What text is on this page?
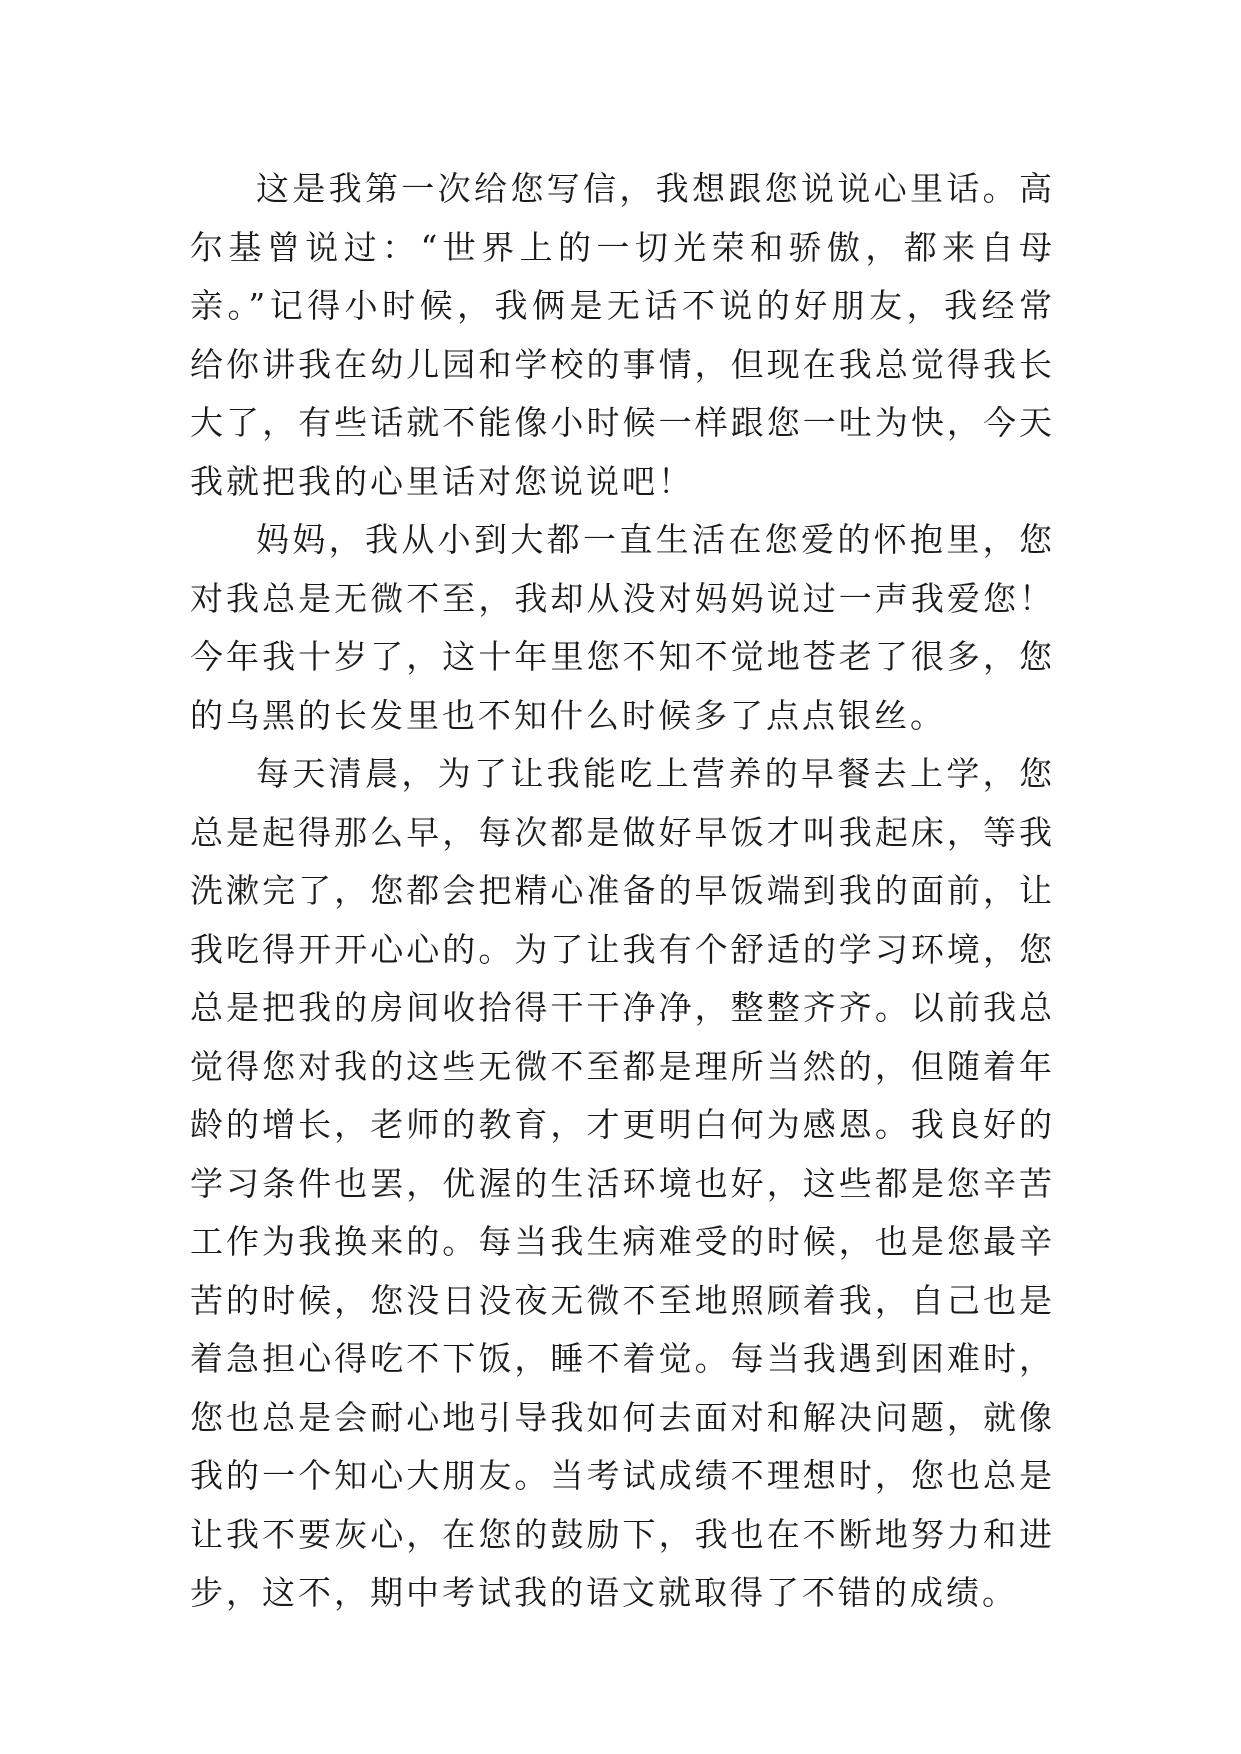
这是我第一次给您写信，我想跟您说说心里话。高尔基曾说过：“世界上的一切光荣和骄傲，都来自母亲。”记得小时候，我俩是无话不说的好朋友，我经常给你讲我在幼儿园和学校的事情，但现在我总觉得我长大了，有些话就不能像小时候一样跟您一吐为快，今天我就把我的心里话对您说说吧！

妈妈，我从小到大都一直生活在您爱的怀抱里，您对我总是无微不至，我却从没对妈妈说过一声我爱您！今年我十岁了，这十年里您不知不觉地苍老了很多，您的乌黑的长发里也不知什么时候多了点点银丝。

每天清晨，为了让我能吃上营养的早餐去上学，您总是起得那么早，每次都是做好早饭才叫我起床，等我洗漱完了，您都会把精心准备的早饭端到我的面前，让我吃得开开心心的。为了让我有个舒适的学习环境，您总是把我的房间收拾得干干净净，整整齐齐。以前我总觉得您对我的这些无微不至都是理所当然的，但随着年龄的增长，老师的教育，才更明白何为感恩。我良好的学习条件也罢，优渥的生活环境也好，这些都是您辛苦工作为我换来的。每当我生病难受的时候，也是您最辛苦的时候，您没日没夜无微不至地照顾着我，自己也是着急担心得吃不下饭，睡不着觉。每当我遇到困难时，您也总是会耐心地引导我如何去面对和解决问题，就像我的一个知心大朋友。当考试成绩不理想时，您也总是让我不要灰心，在您的鼓励下，我也在不断地努力和进步，这不，期中考试我的语文就取得了不错的成绩。
